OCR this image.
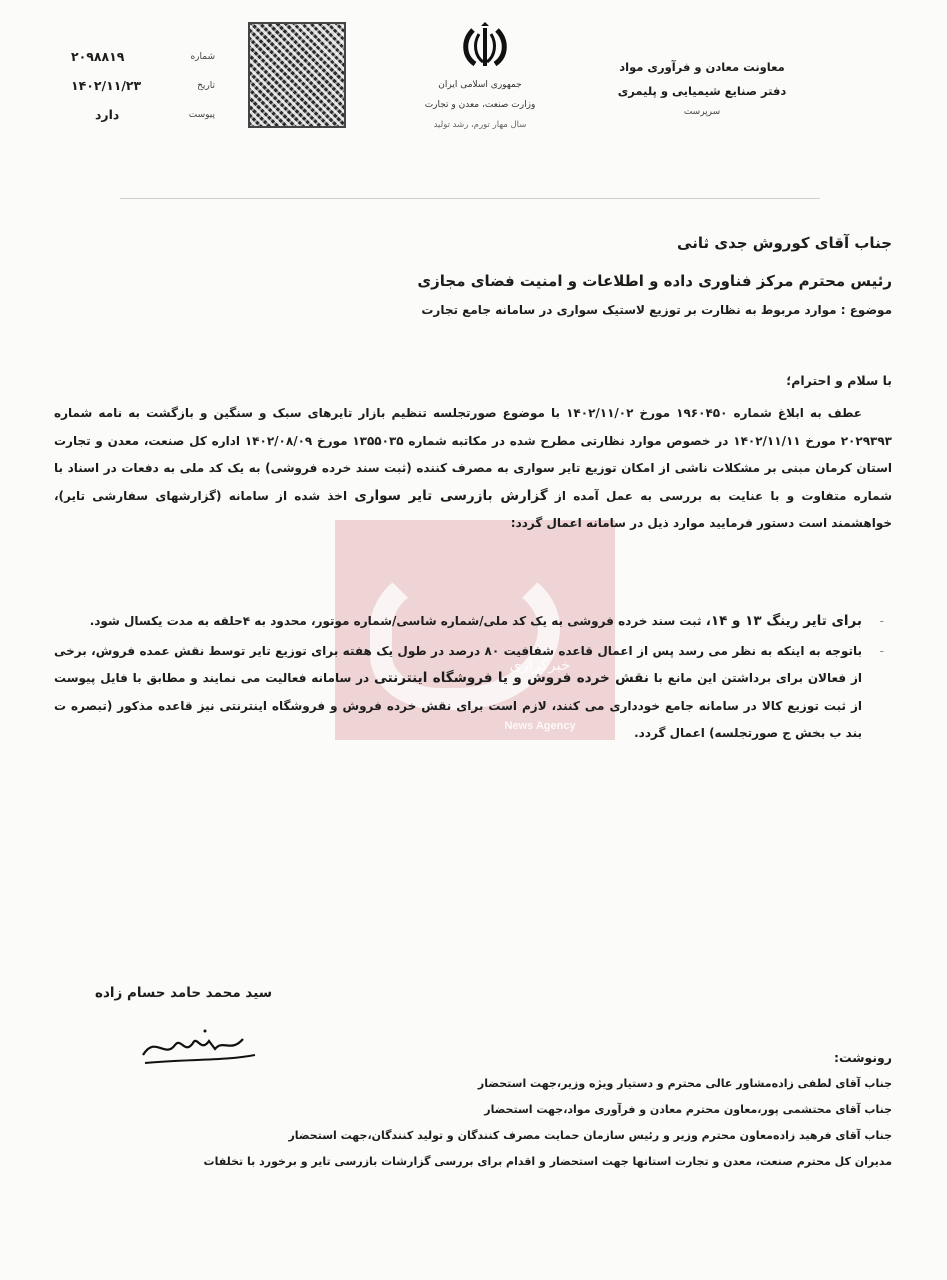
معاونت معادن و فرآوری مواد
دفتر صنایع شیمیایی و پلیمری
سرپرست
جمهوری اسلامی ایران
وزارت صنعت، معدن و تجارت
سال مهار تورم، رشد تولید
شماره
۲۰۹۸۸۱۹
تاریخ
۱۴۰۲/۱۱/۲۳
پیوست
دارد
جناب آقای کوروش جدی ثانی
رئیس محترم مرکز فناوری داده و اطلاعات و امنیت فضای مجازی
موضوع : موارد مربوط به نظارت بر توزیع لاستیک سواری در سامانه جامع تجارت
با سلام و احترام؛
خبرگزاری
News Agency

عطف به ابلاغ شماره ۱۹۶۰۴۵۰ مورخ ۱۴۰۲/۱۱/۰۲ با موضوع صورتجلسه تنظیم بازار تایرهای سبک و سنگین و بازگشت به نامه شماره ۲۰۲۹۳۹۳ مورخ ۱۴۰۲/۱۱/۱۱ در خصوص موارد نظارتی مطرح شده در مکاتبه شماره ۱۳۵۵۰۳۵ مورخ ۱۴۰۲/۰۸/۰۹ اداره کل صنعت، معدن و تجارت استان کرمان مبنی بر مشکلات ناشی از امکان توزیع تایر سواری به مصرف کننده (ثبت سند خرده فروشی) به یک کد ملی به دفعات در اسناد با شماره متفاوت و با عنایت به بررسی به عمل آمده از گزارش بازرسی تایر سواری اخذ شده از سامانه (گزارشهای سفارشی تایر)، خواهشمند است دستور فرمایید موارد ذیل در سامانه اعمال گردد:

- برای تایر رینگ ۱۳ و ۱۴، ثبت سند خرده فروشی به یک کد ملی/شماره شاسی/شماره موتور، محدود به ۴حلقه به مدت یکسال شود.
- باتوجه به اینکه به نظر می رسد پس از اعمال قاعده شفافیت ۸۰ درصد در طول یک هفته برای توزیع تایر توسط نقش عمده فروش، برخی از فعالان برای برداشتن این مانع با نقش خرده فروش و یا فروشگاه اینترنتی در سامانه فعالیت می نمایند و مطابق با فایل پیوست از ثبت توزیع کالا در سامانه جامع خودداری می کنند، لازم است برای نقش خرده فروش و فروشگاه اینترنتی نیز قاعده مذکور (تبصره ت بند ب بخش ج صورتجلسه) اعمال گردد.
سید محمد حامد حسام زاده
رونوشت:
جناب آقای لطفی زاده‌مشاور عالی محترم و دستیار ویژه وزیر،جهت استحضار
جناب آقای محتشمی پور،معاون محترم معادن و فرآوری مواد،جهت استحضار
جناب آقای فرهید زاده‌معاون محترم وزیر و رئیس سازمان حمایت مصرف کنندگان و تولید کنندگان،جهت استحضار
مدیران کل محترم صنعت، معدن و تجارت استانها جهت استحضار و اقدام برای بررسی گزارشات بازرسی تایر و برخورد با تخلفات
